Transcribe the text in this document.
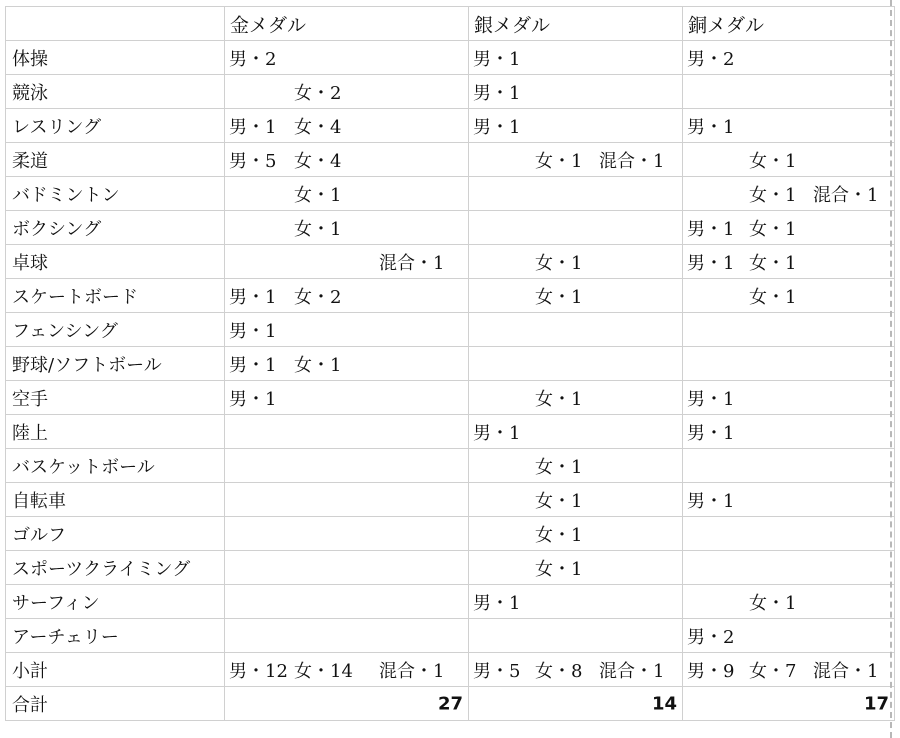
	金メダル	銀メダル	銅メダル

体操	男・2	男・1	男・2

競泳	女・2	男・1	

レスリング	男・1 女・4	男・1	男・1

柔道	男・5 女・4	女・1 混合・1	女・1

バドミントン	女・1		女・1 混合・1

ボクシング	女・1		男・1 女・1

卓球	混合・1	女・1	男・1 女・1

スケートボード	男・1 女・2	女・1	女・1

フェンシング	男・1		

野球/ソフトボール	男・1 女・1		

空手	男・1	女・1	男・1

陸上		男・1	男・1

バスケットボール		女・1	

自転車		女・1	男・1

ゴルフ		女・1	

スポーツクライミング		女・1	

サーフィン		男・1	女・1

アーチェリー			男・2

小計	男・12 女・14 混合・1	男・5 女・8 混合・1	男・9 女・7 混合・1

合計	27	14	17
